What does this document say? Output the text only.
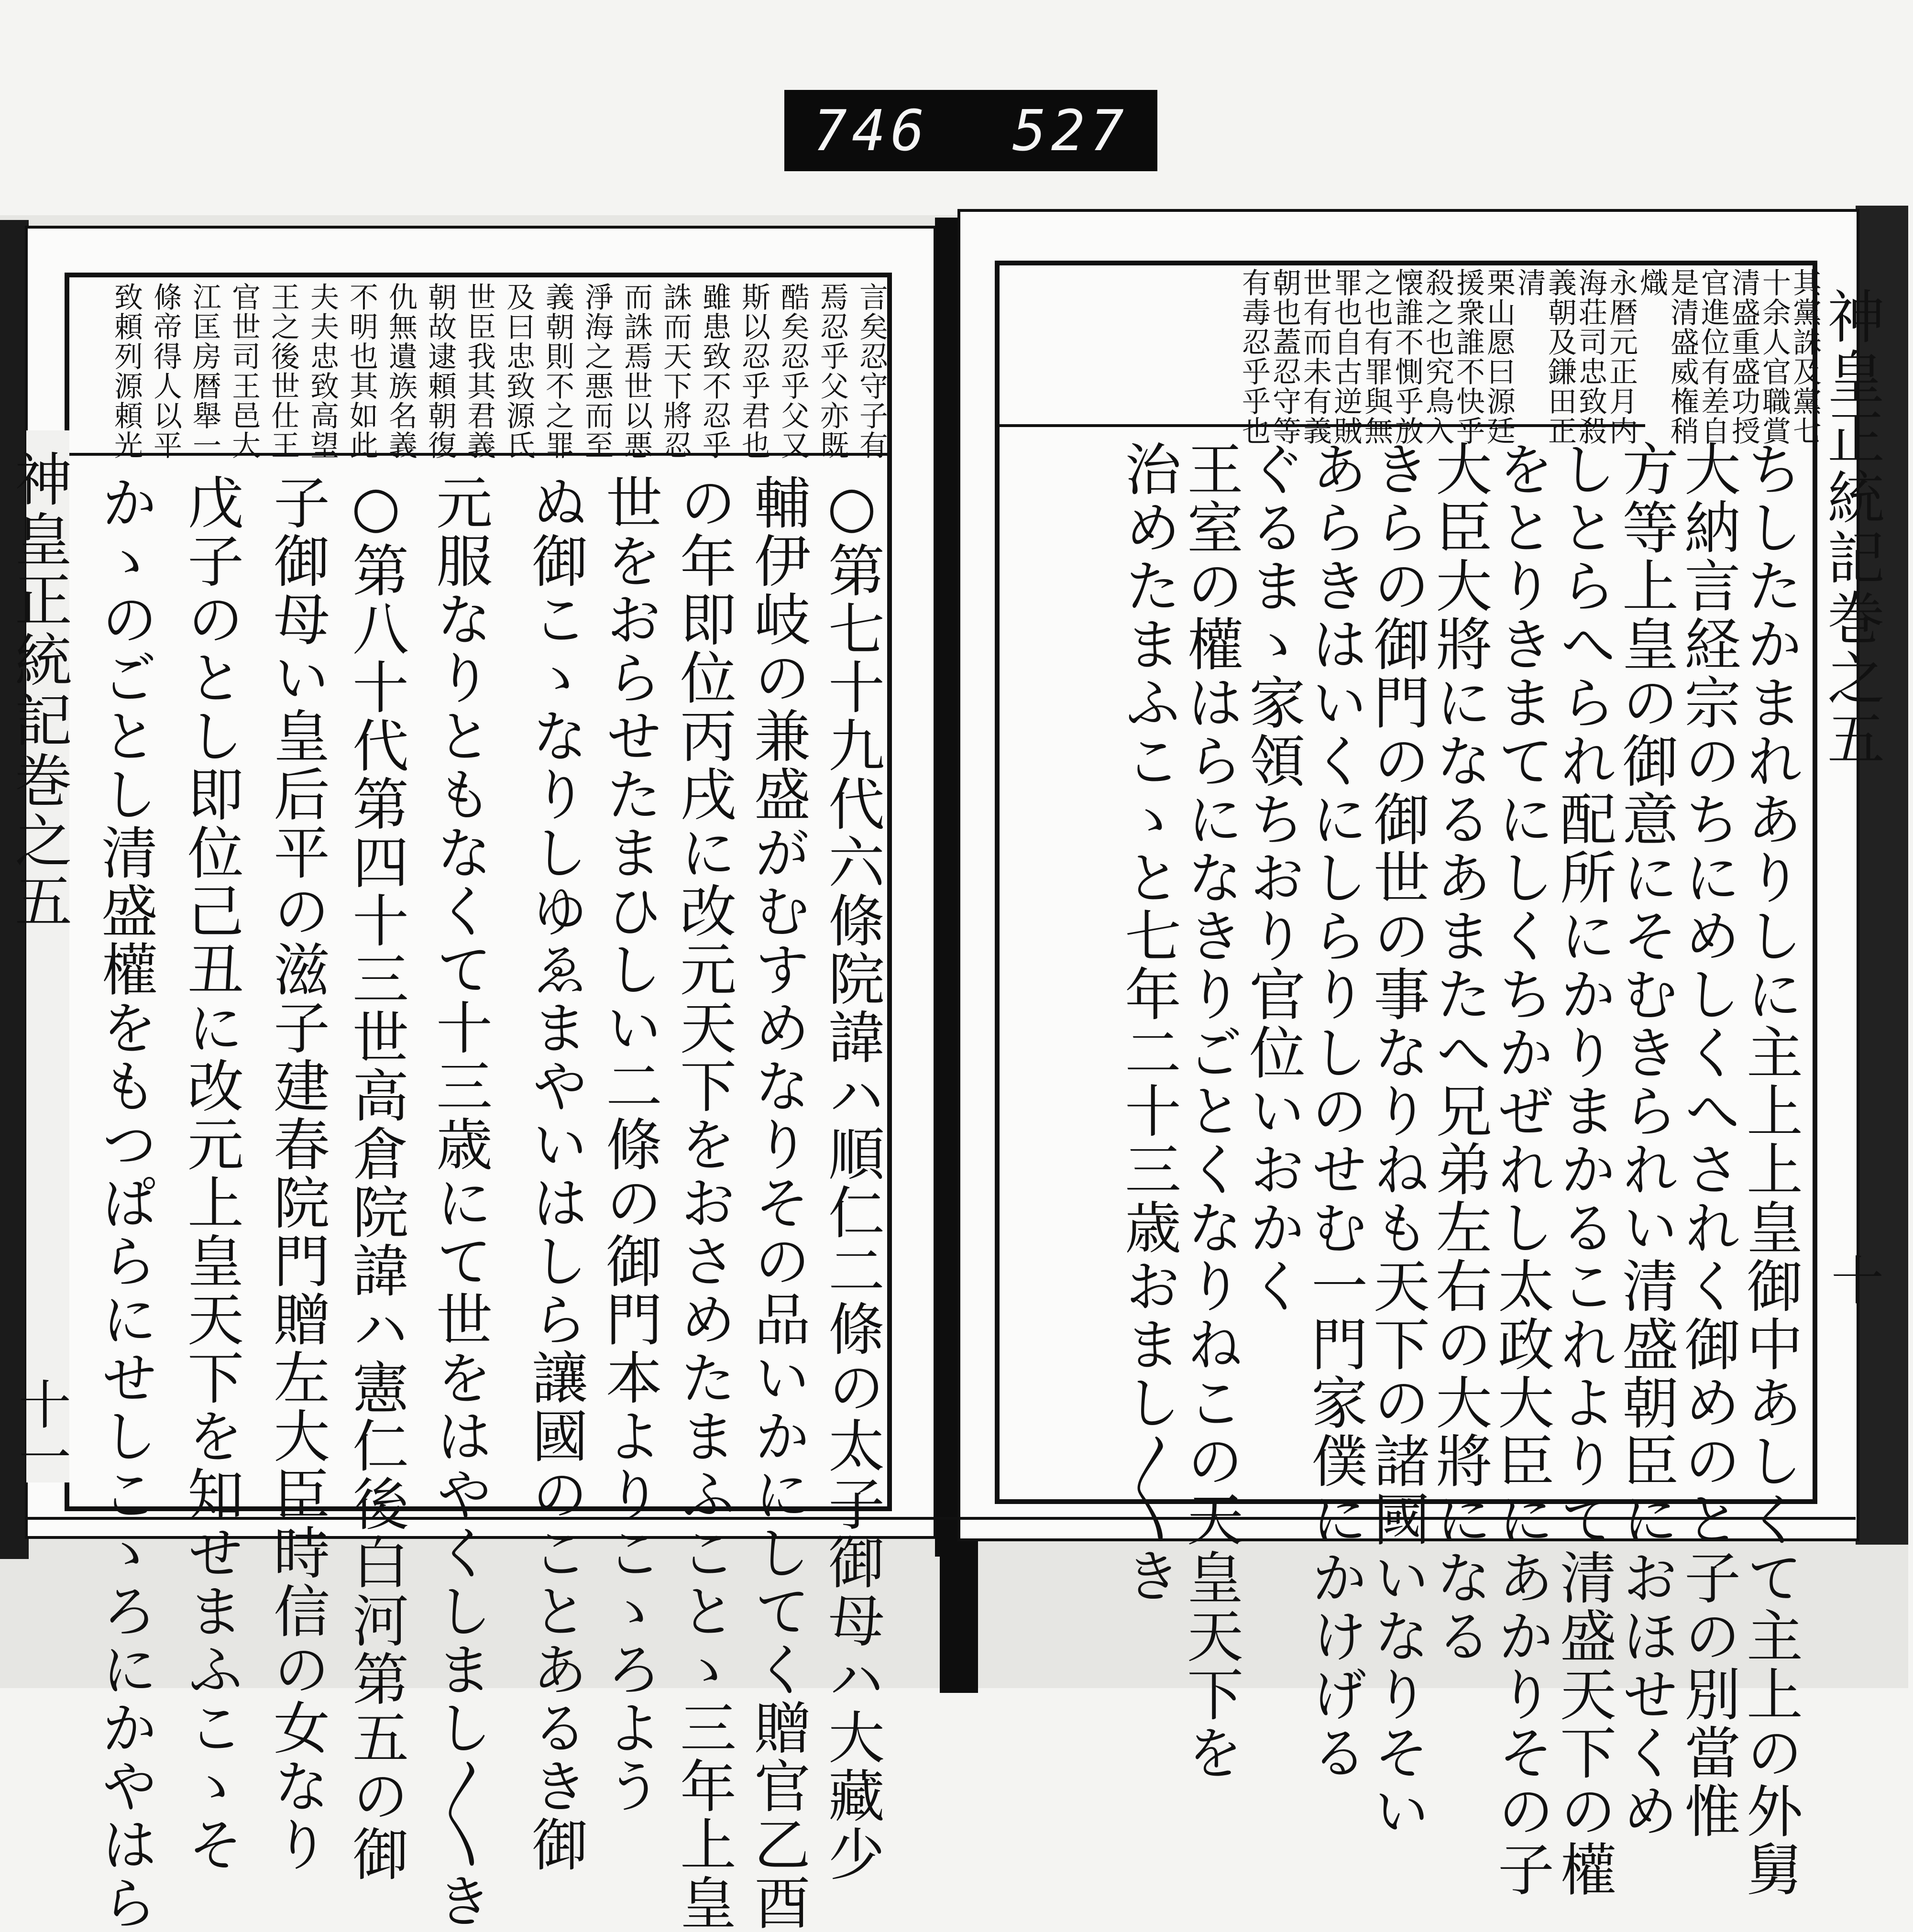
746 527
神皇正統記巻之五
十
其黨誅及黨七
十余人官職賞
清盛重盛功授
官進位有差自
是清盛威権稍
熾
永暦元正月内
海荘司忠致殺
義朝及鎌田正
清
栗山愿曰源廷
援衆誰不快乎
殺之也究鳥入
懐誰不惻乎放
之也有罪與無
罪也自古逆賊
世有而未有義
朝也蓋忍守等
有毒忍乎乎也
ちしたかまれありしに主上上皇御中あしくて主上の外舅
大納言経宗のちにめしくへされく御めのと子の別當惟
方等上皇の御意にそむきられい清盛朝臣におほせくめ
しとらへられ配所にかりまかるこれよりて清盛天下の權
をとりきまてにしくちかぜれし太政大臣にあかりその子
大臣大將になるあまたへ兄弟左右の大將になる
きらの御門の御世の事なりねも天下の諸國いなりそい
あらきはいくにしらりしのせむ一門家僕にかけげる
ぐるまゝ家領ちおり官位いおかく
王室の權はらになきりごとくなりねこの天皇天下を
治めたまふこゝと七年二十三歳おまし〳〵き
神皇正統記巻之五
十一
言矣忍守子有
焉忍乎父亦既
酷矣忍乎父又
斯以忍乎君也
雖患致不忍乎
誅而天下將忍
而誅焉世以悪
淨海之悪而至
義朝則不之罪
及曰忠致源氏
世臣我其君義
朝故逮頼朝復
仇無遺族名義
不明也其如此
夫夫忠致高望
王之後世仕王
官世司王邑大
江匡房暦舉一
條帝得人以平
致頼列源頼光
○第七十九代六條院諱ハ順仁二條の太子御母ハ大藏少
輔伊岐の兼盛がむすめなりその品いかにしてく贈官乙酉
の年即位丙戌に改元天下をおさめたまふことゝ三年上皇
世をおらせたまひしい二條の御門本よりこゝろよう
ぬ御こゝなりしゆゑまやいはしら讓國のことあるき御
元服なりともなくて十三歳にて世をはやくしまし〳〵き
○第八十代第四十三世高倉院諱ハ憲仁後白河第五の御
子御母い皇后平の滋子建春院門贈左大臣時信の女なり
戊子のとし即位己丑に改元上皇天下を知せまふこゝそ
かゝのごとし清盛權をもつぱらにせしこゝろにかやはら
